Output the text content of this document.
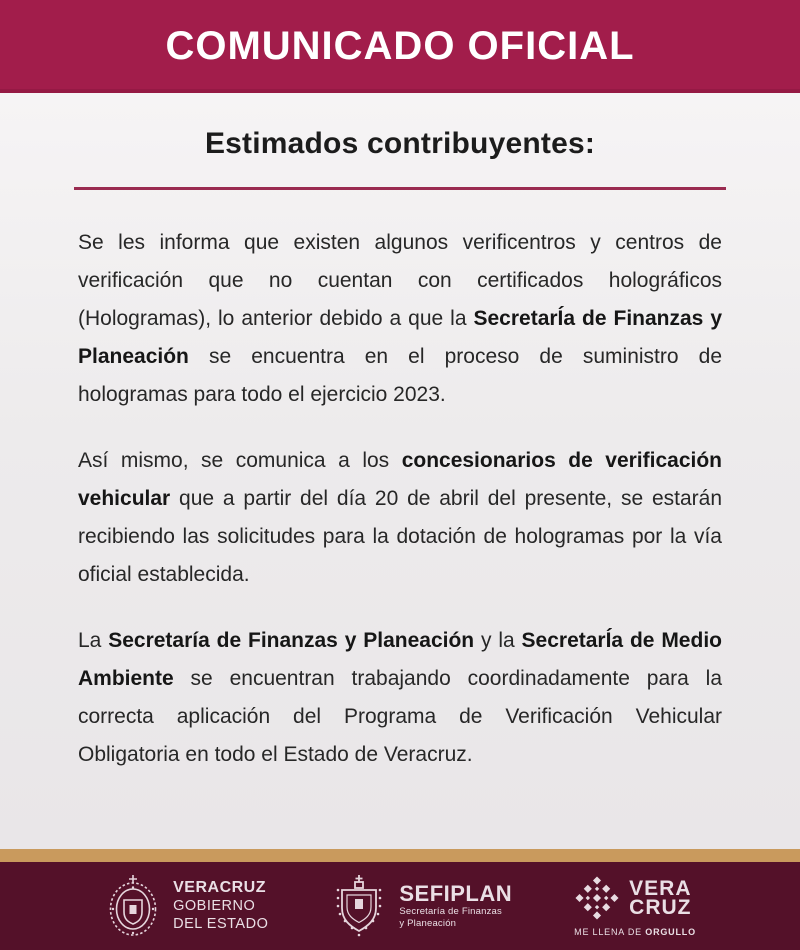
COMUNICADO OFICIAL
Estimados contribuyentes:

Se les informa que existen algunos verificentros y centros de verificación que no cuentan con certificados holográficos (Hologramas), lo anterior debido a que la SecretarÍa de Finanzas y Planeación se encuentra en el proceso de suministro de hologramas para todo el ejercicio 2023.

Así mismo, se comunica a los concesionarios de verificación vehicular que a partir del día 20 de abril del presente, se estarán recibiendo las solicitudes para la dotación de hologramas por la vía oficial establecida.

La Secretaría de Finanzas y Planeación y la SecretarÍa de Medio Ambiente se encuentran trabajando coordinadamente para la correcta aplicación del Programa de Verificación Vehicular Obligatoria en todo el Estado de Veracruz.

VERACRUZ
GOBIERNO
DEL ESTADO
SEFIPLAN
Secretaría de Finanzas
y Planeación
VERA
CRUZ
ME LLENA DE ORGULLO
